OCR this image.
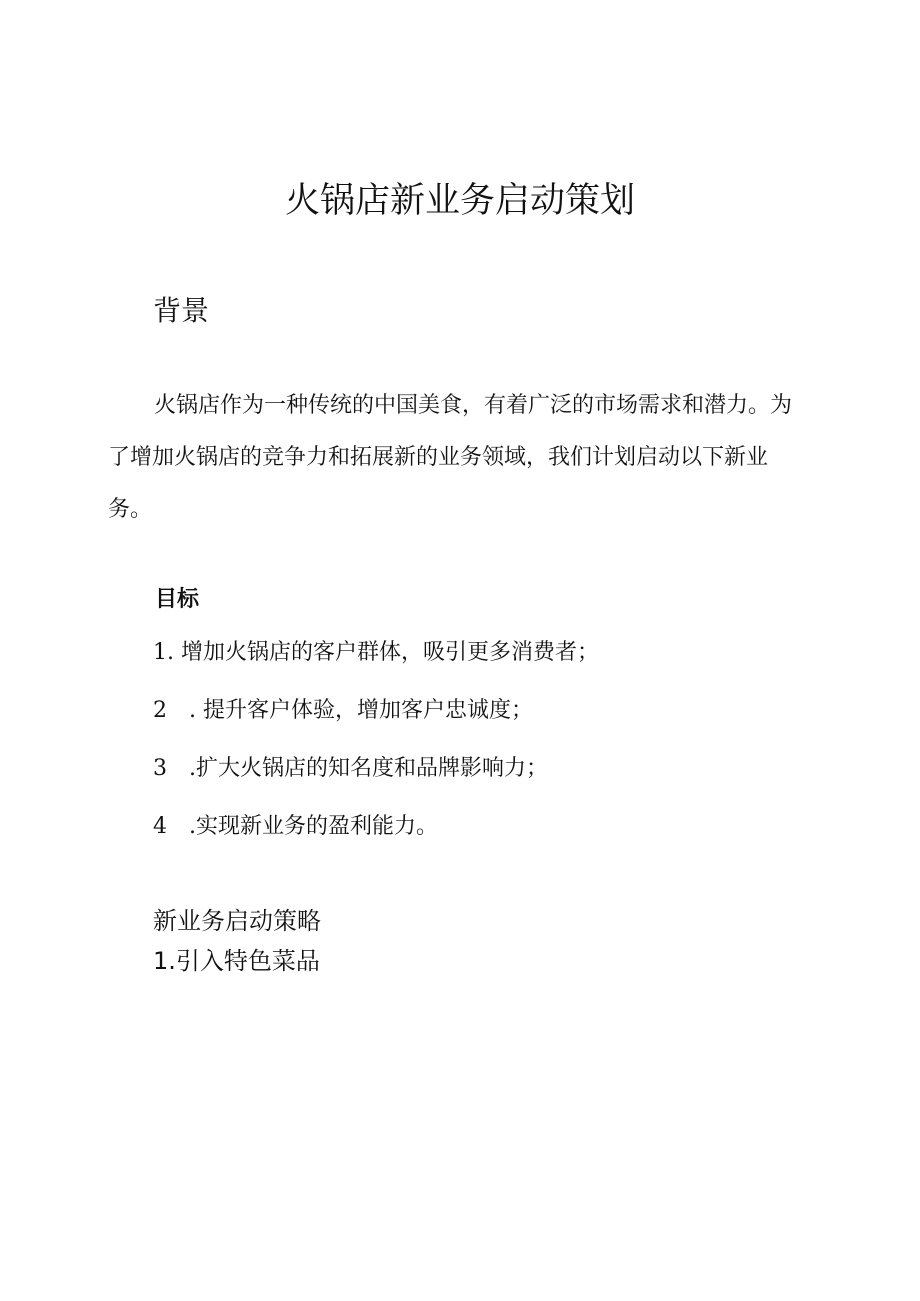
火锅店新业务启动策划
背景

火锅店作为一种传统的中国美食，有着广泛的市场需求和潜力。为了增加火锅店的竞争力和拓展新的业务领域，我们计划启动以下新业务。

目标
1. 增加火锅店的客户群体，吸引更多消费者；
2　. 提升客户体验，增加客户忠诚度；
3　.扩大火锅店的知名度和品牌影响力；
4　.实现新业务的盈利能力。
新业务启动策略
1.引入特色菜品
